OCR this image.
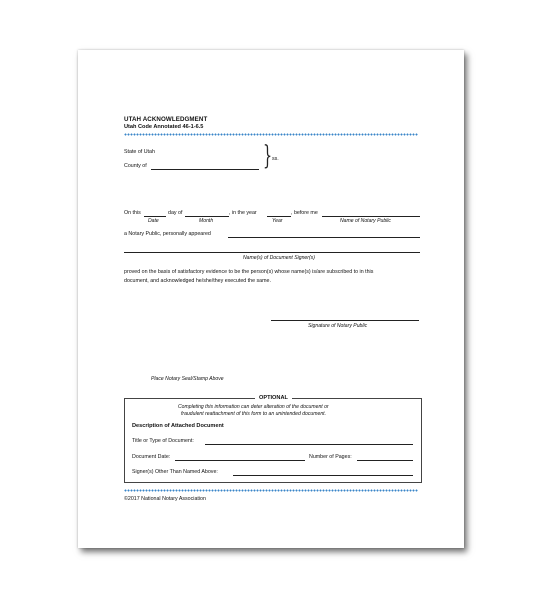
UTAH ACKNOWLEDGMENT
Utah Code Annotated 46-1-6.5
State of Utah
County of	} ss.
On this	day of	, in the year	, before me
Date	Month	Year	Name of Notary Public
a Notary Public, personally appeared
Name(s) of Document Signer(s)
proved on the basis of satisfactory evidence to be the person(s) whose name(s) is/are subscribed to in this
document, and acknowledged he/she/they executed the same.
Signature of Notary Public
Place Notary Seal/Stamp Above
OPTIONAL
Completing this information can deter alteration of the document or
fraudulent reattachment of this form to an unintended document.
Description of Attached Document
Title or Type of Document:
Document Date:	Number of Pages:
Signer(s) Other Than Named Above:
©2017 National Notary Association
